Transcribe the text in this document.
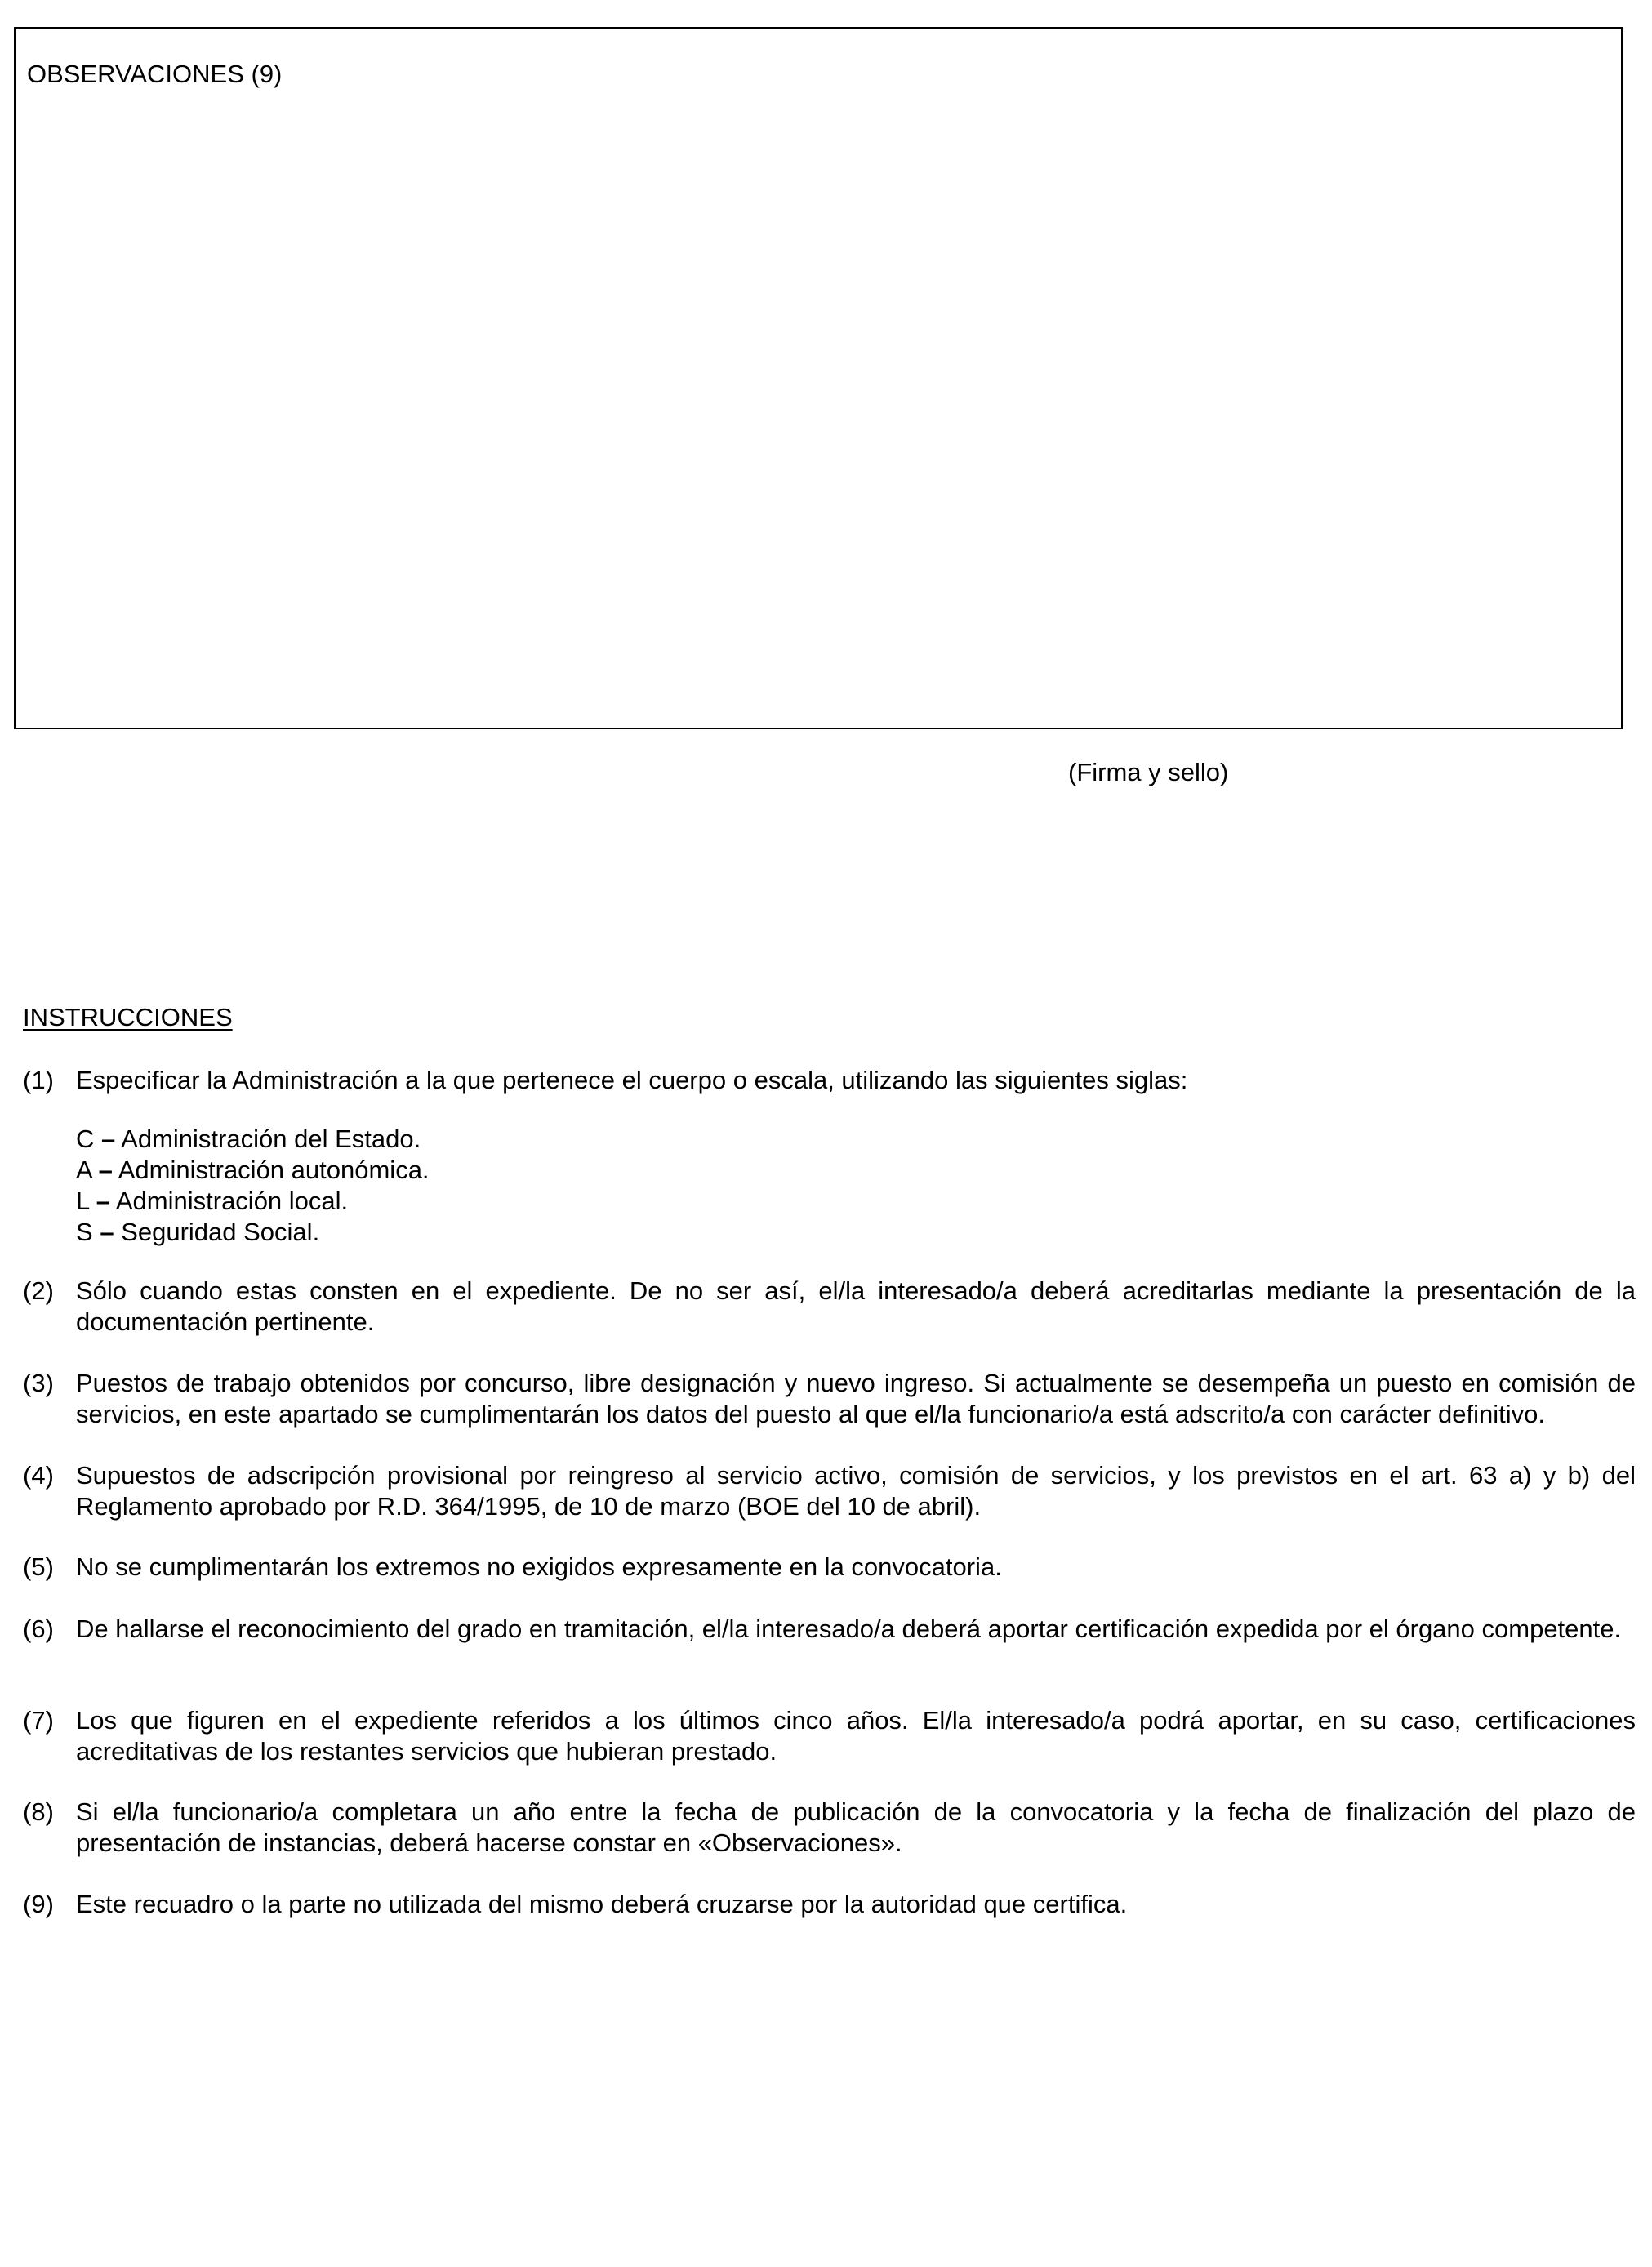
OBSERVACIONES (9)
(Firma y sello)
INSTRUCCIONES
(1) Especificar la Administración a la que pertenece el cuerpo o escala, utilizando las siguientes siglas:
C – Administración del Estado.
A – Administración autonómica.
L – Administración local.
S – Seguridad Social.
(2) Sólo cuando estas consten en el expediente. De no ser así, el/la interesado/a deberá acreditarlas mediante la presentación de la documentación pertinente.
(3) Puestos de trabajo obtenidos por concurso, libre designación y nuevo ingreso. Si actualmente se desempeña un puesto en comisión de servicios, en este apartado se cumplimentarán los datos del puesto al que el/la funcionario/a está adscrito/a con carácter definitivo.
(4) Supuestos de adscripción provisional por reingreso al servicio activo, comisión de servicios, y los previstos en el art. 63 a) y b) del Reglamento aprobado por R.D. 364/1995, de 10 de marzo (BOE del 10 de abril).
(5) No se cumplimentarán los extremos no exigidos expresamente en la convocatoria.
(6) De hallarse el reconocimiento del grado en tramitación, el/la interesado/a deberá aportar certificación expedida por el órgano competente.
(7) Los que figuren en el expediente referidos a los últimos cinco años. El/la interesado/a podrá aportar, en su caso, certificaciones acreditativas de los restantes servicios que hubieran prestado.
(8) Si el/la funcionario/a completara un año entre la fecha de publicación de la convocatoria y la fecha de finalización del plazo de presentación de instancias, deberá hacerse constar en «Observaciones».
(9) Este recuadro o la parte no utilizada del mismo deberá cruzarse por la autoridad que certifica.
